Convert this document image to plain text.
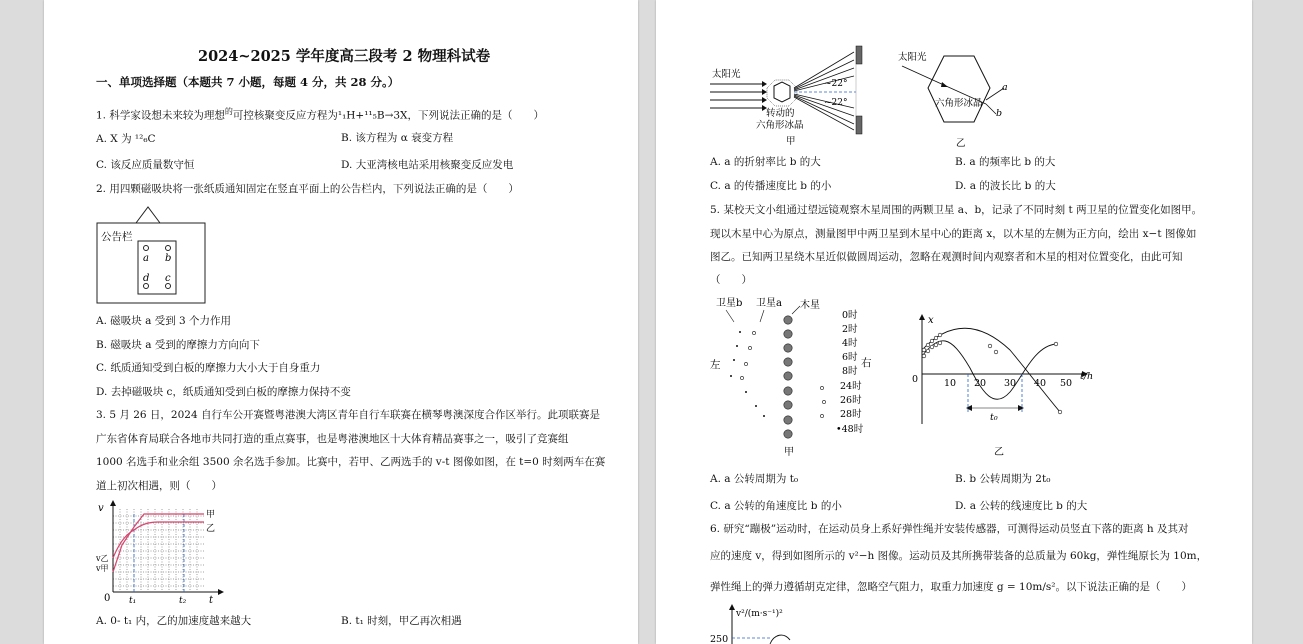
2024~2025 学年度高三段考 2 物理科试卷
一、单项选择题（本题共 7 小题，每题 4 分，共 28 分。）
1. 科学家设想未来较为理想$^的$可控核聚变反应方程为¹₁H+¹¹₅B→3X，下列说法正确的是（　　）
A. X 为 ¹²₆C	B. 该方程为 α 衰变方程
C. 该反应质量数守恒	D. 大亚湾核电站采用核聚变反应发电
2. 用四颗磁吸块将一张纸质通知固定在竖直平面上的公告栏内，下列说法正确的是（　　）
公告栏
a b
d c
A. 磁吸块 a 受到 3 个力作用
B. 磁吸块 a 受到的摩擦力方向向下
C. 纸质通知受到白板的摩擦力大小大于自身重力
D. 去掉磁吸块 c，纸质通知受到白板的摩擦力保持不变
3. 5 月 26 日，2024 自行车公开赛暨粤港澳大湾区青年自行车联赛在横琴粤澳深度合作区举行。此项联赛是
广东省体育局联合各地市共同打造的重点赛事，也是粤港澳地区十大体育精品赛事之一，吸引了竞赛组
1000 名选手和业余组 3500 余名选手参加。比赛中，若甲、乙两选手的 v-t 图像如图，在 t=0 时刻两车在赛
道上初次相遇，则（　　）
v
t
0 t₁	t₂
v乙
v甲
甲
乙
A. 0- t₁ 内，乙的加速度越来越大	B. t₁ 时刻，甲乙再次相遇
太阳光
~22°
~22°
转动的
六角形冰晶
甲
太阳光
六角形冰晶
a
b
乙
A. a 的折射率比 b 的大	B. a 的频率比 b 的大
C. a 的传播速度比 b 的小	D. a 的波长比 b 的大
5. 某校天文小组通过望远镜观察木星周围的两颗卫星 a、b，记录了不同时刻 t 两卫星的位置变化如图甲。
现以木星中心为原点，测量图甲中两卫星到木星中心的距离 x，以木星的左侧为正方向，绘出 x−t 图像如
图乙。已知两卫星绕木星近似做圆周运动，忽略在观测时间内观察者和木星的相对位置变化，由此可知
（　　）
卫星b 卫星a 木星
左	右
0时
2时
4时
6时
8时
24时
26时
28时
•48时
甲
x
t/h
0	10 20 30 40 50
t₀
乙
A. a 公转周期为 t₀	B. b 公转周期为 2t₀
C. a 公转的角速度比 b 的小	D. a 公转的线速度比 b 的大
6. 研究“蹦极”运动时，在运动员身上系好弹性绳并安装传感器，可测得运动员竖直下落的距离 h 及其对
应的速度 v，得到如图所示的 v²−h 图像。运动员及其所携带装备的总质量为 60kg，弹性绳原长为 10m，
弹性绳上的弹力遵循胡克定律，忽略空气阻力，取重力加速度 g = 10m/s²。以下说法正确的是（　　）
v²/(m·s⁻¹)²
250
